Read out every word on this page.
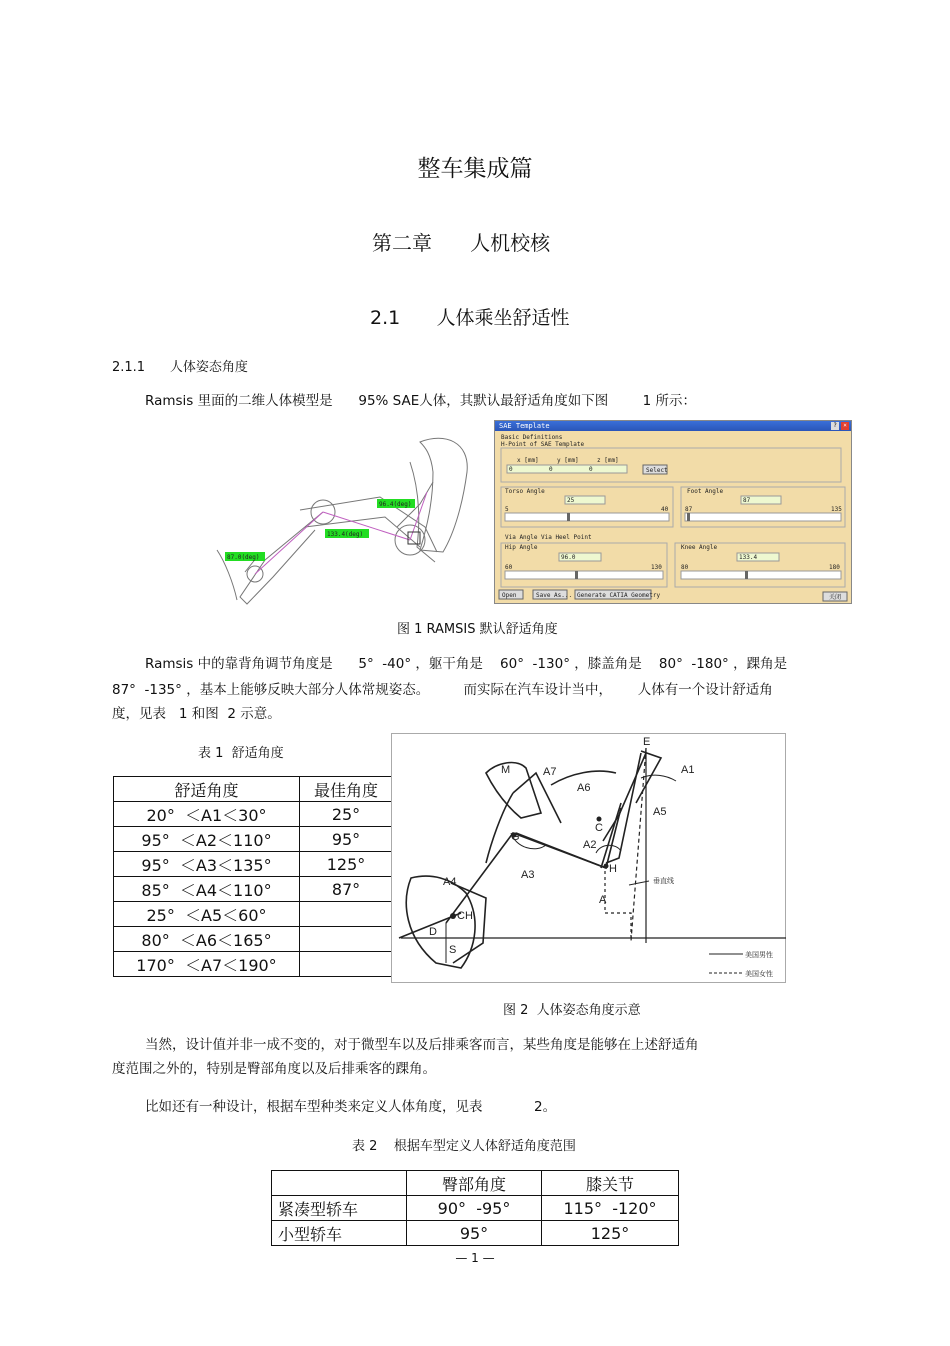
整车集成篇
第二章      人机校核
2.1      人体乘坐舒适性
2.1.1      人体姿态角度
Ramsis 里面的二维人体模型是      95% SAE人体，其默认最舒适角度如下图        1 所示：
96.4(deg)
133.4(deg)
87.0(deg)
SAE Template	?	×
Basic Definitions
H-Point of SAE Template
x [mm]	y [mm]	z [mm]
0	0	0	Select
Torso Angle
25
5	40
Foot Angle
87
87	135
Via Angle Via Heel Point
Hip Angle
96.0
60	130
Knee Angle
133.4
80	180
Open	Save As... Generate CATIA Geometry	关闭
图 1 RAMSIS 默认舒适角度
Ramsis 中的靠背角调节角度是      5°  -40° ，躯干角是    60°  -130° ，膝盖角是    80°  -180° ，踝角是
87°  -135° ，基本上能够反映大部分人体常规姿态。        而实际在汽车设计当中，      人体有一个设计舒适角
度，见表   1 和图  2 示意。
表 1  舒适角度
舒适角度	最佳角度
20°  ＜A1＜30°	25°
95°  ＜A2＜110°	95°
95°  ＜A3＜135°	125°
85°  ＜A4＜110°	87°
25°  ＜A5＜60°	
80°  ＜A6＜165°	
170°  ＜A7＜190°	
E
M	A7
A6
A1
A5
C
G
A2
H
A3
A
A4
CH
D
S
垂直线
美国男性
美国女性
图 2  人体姿态角度示意
当然，设计值并非一成不变的，对于微型车以及后排乘客而言，某些角度是能够在上述舒适角
度范围之外的，特别是臀部角度以及后排乘客的踝角。
比如还有一种设计，根据车型种类来定义人体角度，见表            2。
表 2    根据车型定义人体舒适角度范围
	臀部角度	膝关节
紧凑型轿车	90°  -95°	115°  -120°
小型轿车	95°	125°
— 1 —
